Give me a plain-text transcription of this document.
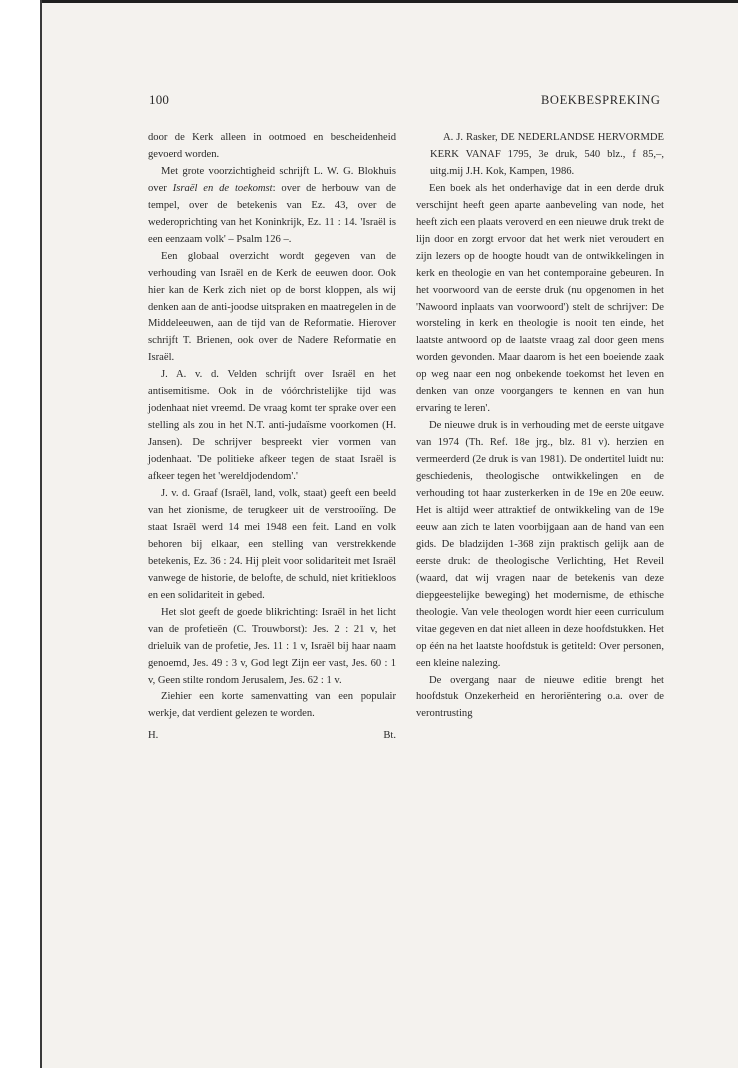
100	BOEKBESPREKING

door de Kerk alleen in ootmoed en bescheidenheid gevoerd worden.

Met grote voorzichtigheid schrijft L. W. G. Blokhuis over Israël en de toekomst: over de herbouw van de tempel, over de betekenis van Ez. 43, over de wederoprichting van het Koninkrijk, Ez. 11 : 14. 'Israël is een eenzaam volk' – Psalm 126 –.

Een globaal overzicht wordt gegeven van de verhouding van Israël en de Kerk de eeuwen door. Ook hier kan de Kerk zich niet op de borst kloppen, als wij denken aan de anti-joodse uitspraken en maatregelen in de Middeleeuwen, aan de tijd van de Reformatie. Hierover schrijft T. Brienen, ook over de Nadere Reformatie en Israël.

J. A. v. d. Velden schrijft over Israël en het antisemitisme. Ook in de vóórchristelijke tijd was jodenhaat niet vreemd. De vraag komt ter sprake over een stelling als zou in het N.T. anti-judaïsme voorkomen (H. Jansen). De schrijver bespreekt vier vormen van jodenhaat. 'De politieke afkeer tegen de staat Israël is afkeer tegen het 'wereldjodendom'.'

J. v. d. Graaf (Israël, land, volk, staat) geeft een beeld van het zionisme, de terugkeer uit de verstrooiïng. De staat Israël werd 14 mei 1948 een feit. Land en volk behoren bij elkaar, een stelling van verstrekkende betekenis, Ez. 36 : 24. Hij pleit voor solidariteit met Israël vanwege de historie, de belofte, de schuld, niet kritiekloos en een solidariteit in gebed.

Het slot geeft de goede blikrichting: Israël in het licht van de profetieën (C. Trouwborst): Jes. 2 : 21 v, het drieluik van de profetie, Jes. 11 : 1 v, Israël bij haar naam genoemd, Jes. 49 : 3 v, God legt Zijn eer vast, Jes. 60 : 1 v, Geen stilte rondom Jerusalem, Jes. 62 : 1 v.

Ziehier een korte samenvatting van een populair werkje, dat verdient gelezen te worden.

H.	Bt.

A. J. Rasker, DE NEDERLANDSE HERVORMDE KERK VANAF 1795, 3e druk, 540 blz., f 85,–, uitg.mij J.H. Kok, Kampen, 1986.

Een boek als het onderhavige dat in een derde druk verschijnt heeft geen aparte aanbeveling van node, het heeft zich een plaats veroverd en een nieuwe druk trekt de lijn door en zorgt ervoor dat het werk niet veroudert en zijn lezers op de hoogte houdt van de ontwikkelingen in kerk en theologie en van het contemporaine gebeuren. In het voorwoord van de eerste druk (nu opgenomen in het 'Nawoord inplaats van voorwoord') stelt de schrijver: De worsteling in kerk en theologie is nooit ten einde, het laatste antwoord op de laatste vraag zal door geen mens worden gevonden. Maar daarom is het een boeiende zaak op weg naar een nog onbekende toekomst het leven en denken van onze voorgangers te kennen en van hun ervaring te leren'.

De nieuwe druk is in verhouding met de eerste uitgave van 1974 (Th. Ref. 18e jrg., blz. 81 v). herzien en vermeerderd (2e druk is van 1981). De ondertitel luidt nu: geschiedenis, theologische ontwikkelingen en de verhouding tot haar zusterkerken in de 19e en 20e eeuw. Het is altijd weer attraktief de ontwikkeling van de 19e eeuw aan zich te laten voorbijgaan aan de hand van een gids. De bladzijden 1-368 zijn praktisch gelijk aan de eerste druk: de theologische Verlichting, Het Reveil (waard, dat wij vragen naar de betekenis van deze diepgeestelijke beweging) het modernisme, de ethische theologie. Van vele theologen wordt hier eeen curriculum vitae gegeven en dat niet alleen in deze hoofdstukken. Het op één na het laatste hoofdstuk is getiteld: Over personen, een kleine nalezing.

De overgang naar de nieuwe editie brengt het hoofdstuk Onzekerheid en heroriëntering o.a. over de verontrusting
